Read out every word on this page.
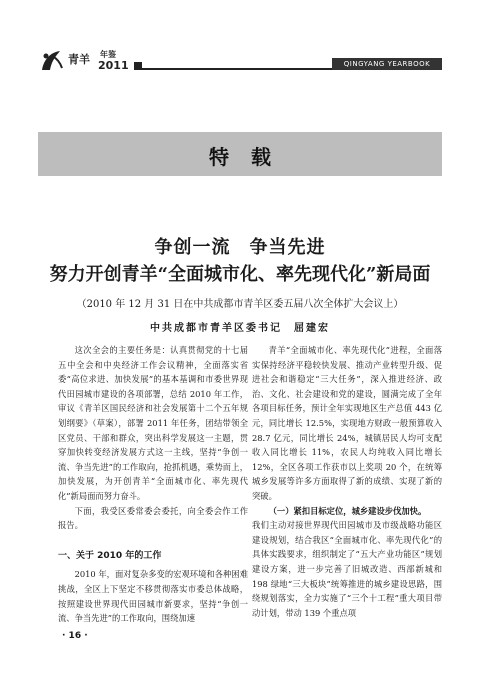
青羊 年鉴
2011	QINGYANG YEARBOOK
特载
争创一流　争当先进
努力开创青羊“全面城市化、率先现代化”新局面
（2010 年 12 月 31 日在中共成都市青羊区委五届八次全体扩大会议上）
中共成都市青羊区委书记　屈建宏

这次全会的主要任务是：认真贯彻党的十七届五中全会和中央经济工作会议精神，全面落实省委“高位求进、加快发展”的基本基调和市委世界现代田园城市建设的各项部署，总结 2010 年工作，审议《青羊区国民经济和社会发展第十二个五年规划纲要》（草案），部署 2011 年任务，团结带领全区党员、干部和群众，突出科学发展这一主题，贯穿加快转变经济发展方式这一主线，坚持“争创一流、争当先进”的工作取向，抢抓机遇，乘势而上，加快发展，为开创青羊“全面城市化、率先现代化”新局面而努力奋斗。

下面，我受区委常委会委托，向全委会作工作报告。

一、关于 2010 年的工作

2010 年，面对复杂多变的宏观环境和各种困难挑战，全区上下坚定不移贯彻落实市委总体战略，按照建设世界现代田园城市新要求，坚持“争创一流、争当先进”的工作取向，围绕加速

青羊“全面城市化、率先现代化”进程，全面落实保持经济平稳较快发展、推动产业转型升级、促进社会和谐稳定“三大任务”，深入推进经济、政治、文化、社会建设和党的建设，圆满完成了全年各项目标任务，预计全年实现地区生产总值 443 亿元，同比增长 12.5%，实现地方财政一般预算收入 28.7 亿元，同比增长 24%，城镇居民人均可支配收入同比增长 11%，农民人均纯收入同比增长 12%，全区各项工作获市以上奖项 20 个，在统筹城乡发展等许多方面取得了新的成绩、实现了新的突破。

（一）紧扣目标定位，城乡建设步伐加快。

我们主动对接世界现代田园城市及市级战略功能区建设规划，结合我区“全面城市化、率先现代化”的具体实践要求，组织制定了“五大产业功能区”规划建设方案，进一步完善了旧城改造、西部新城和 198 绿地“三大板块”统筹推进的城乡建设思路，围绕规划落实，全力实施了“三个十工程”重大项目带动计划，带动 139 个重点项

· 16 ·
